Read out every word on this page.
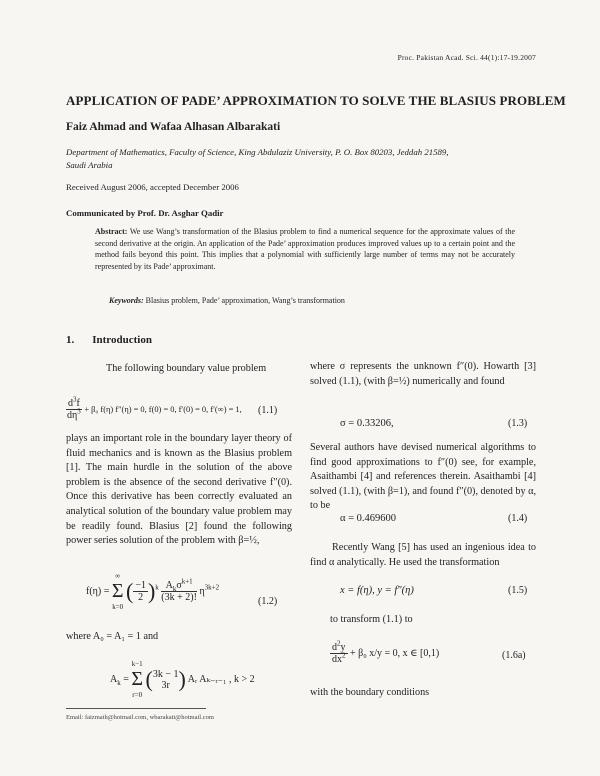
Proc. Pakistan Acad. Sci. 44(1):17-19.2007
APPLICATION OF PADE’ APPROXIMATION TO SOLVE THE BLASIUS PROBLEM
Faiz Ahmad and Wafaa Alhasan Albarakati
Department of Mathematics, Faculty of Science, King Abdulaziz University, P. O. Box 80203, Jeddah 21589,
Saudi Arabia
Received August 2006, accepted December 2006
Communicated by Prof. Dr. Asghar Qadir
Abstract: We use Wang’s transformation of the Blasius problem to find a numerical sequence for the approximate values of the second derivative at the origin. An application of the Pade’ approximation produces improved values up to a certain point and the method fails beyond this point. This implies that a polynomial with sufficiently large number of terms may not be accurately represented by its Pade’ approximant.
Keywords: Blasius problem, Pade’ approximation, Wang’s transformation
1. Introduction
The following boundary value problem
$\frac{d^3f}{d\eta^3} + \beta_0$ f(η) f″(η) = 0, f(0) = 0, f′(0) = 0, f′(∞) = 1, (1.1)
plays an important role in the boundary layer theory of fluid mechanics and is known as the Blasius problem [1]. The main hurdle in the solution of the above problem is the absence of the second derivative f″(0). Once this derivative has been correctly evaluated an analytical solution of the boundary value problem may be readily found. Blasius [2] found the following power series solution of the problem with β=½,
f(η) =
∞
Σ
k=0
( $\frac{-1}{2} )^k \frac{A_k\sigma^{k+1}}{(3k + 2)!} \eta^{3k+2}$
(1.2)
where A₀ = A₁ = 1 and
$A_k$ =
k−1
Σ
r=0
( 3k − 1
3r ) Aᵣ Aₖ₋ᵣ₋₁ , k > 2
Email: faizmath@hotmail.com, wbarakati@hotmail.com
where σ represents the unknown f″(0). Howarth [3] solved (1.1), (with β=½) numerically and found
σ = 0.33206,	(1.3)
Several authors have devised numerical algorithms to find good approximations to f″(0) see, for example, Asaithambi [4] and references therein. Asaithambi [4] solved (1.1), (with β=1), and found f″(0), denoted by α, to be
α = 0.469600	(1.4)
Recently Wang [5] has used an ingenious idea to find α analytically. He used the transformation
x = f(η), y = f″(η)	(1.5)
to transform (1.1) to
$\frac{d^2y}{dx^2} + \beta_0$ x/y = 0, x ∈ [0,1)	(1.6a)
with the boundary conditions
